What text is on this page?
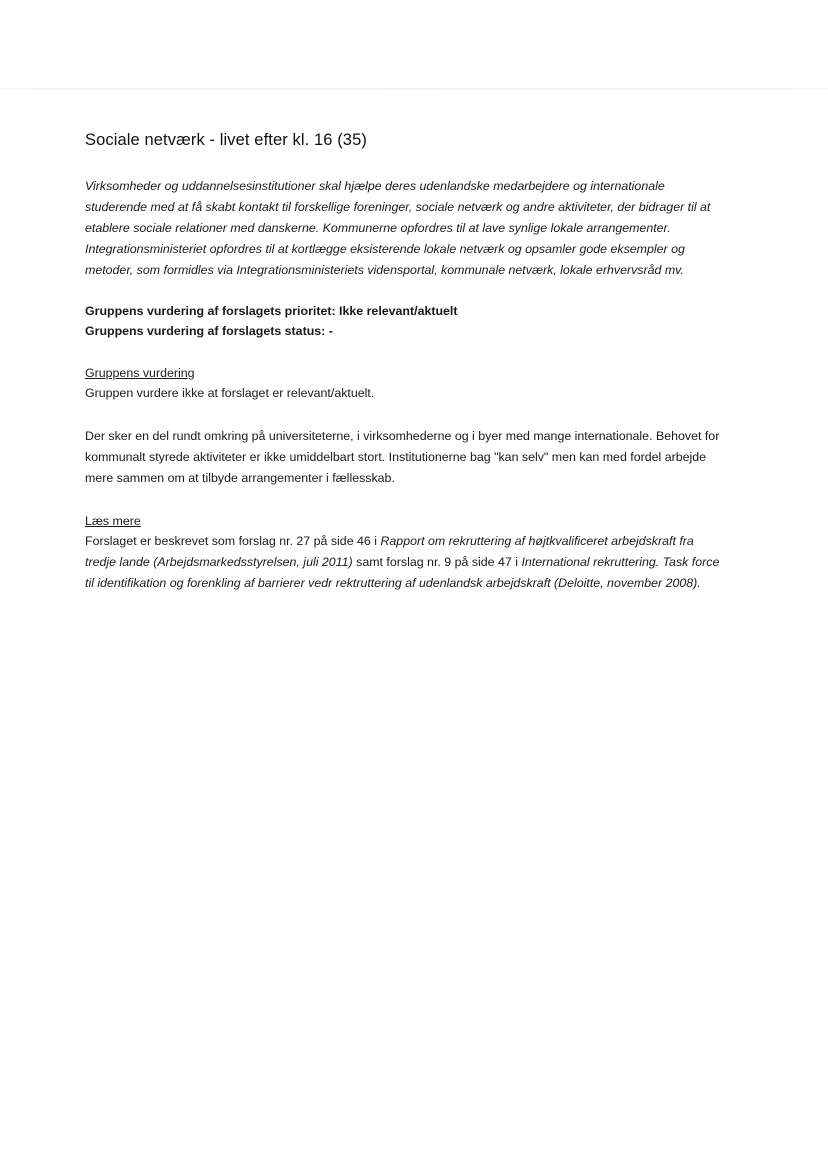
Sociale netværk - livet efter kl. 16 (35)

Virksomheder og uddannelsesinstitutioner skal hjælpe deres udenlandske medarbejdere og internationale studerende med at få skabt kontakt til forskellige foreninger, sociale netværk og andre aktiviteter, der bidrager til at etablere sociale relationer med danskerne. Kommunerne opfordres til at lave synlige lokale arrangementer. Integrationsministeriet opfordres til at kortlægge eksisterende lokale netværk og opsamler gode eksempler og metoder, som formidles via Integrationsministeriets vidensportal, kommunale netværk, lokale erhvervsråd mv.

Gruppens vurdering af forslagets prioritet: Ikke relevant/aktuelt

Gruppens vurdering af forslagets status: -

Gruppens vurdering

Gruppen vurdere ikke at forslaget er relevant/aktuelt.

Der sker en del rundt omkring på universiteterne, i virksomhederne og i byer med mange internationale. Behovet for kommunalt styrede aktiviteter er ikke umiddelbart stort. Institutionerne bag "kan selv" men kan med fordel arbejde mere sammen om at tilbyde arrangementer i fællesskab.

Læs mere

Forslaget er beskrevet som forslag nr. 27 på side 46 i Rapport om rekruttering af højtkvalificeret arbejdskraft fra tredje lande (Arbejdsmarkedsstyrelsen, juli 2011) samt forslag nr. 9 på side 47 i International rekruttering. Task force til identifikation og forenkling af barrierer vedr rektruttering af udenlandsk arbejdskraft (Deloitte, november 2008).
